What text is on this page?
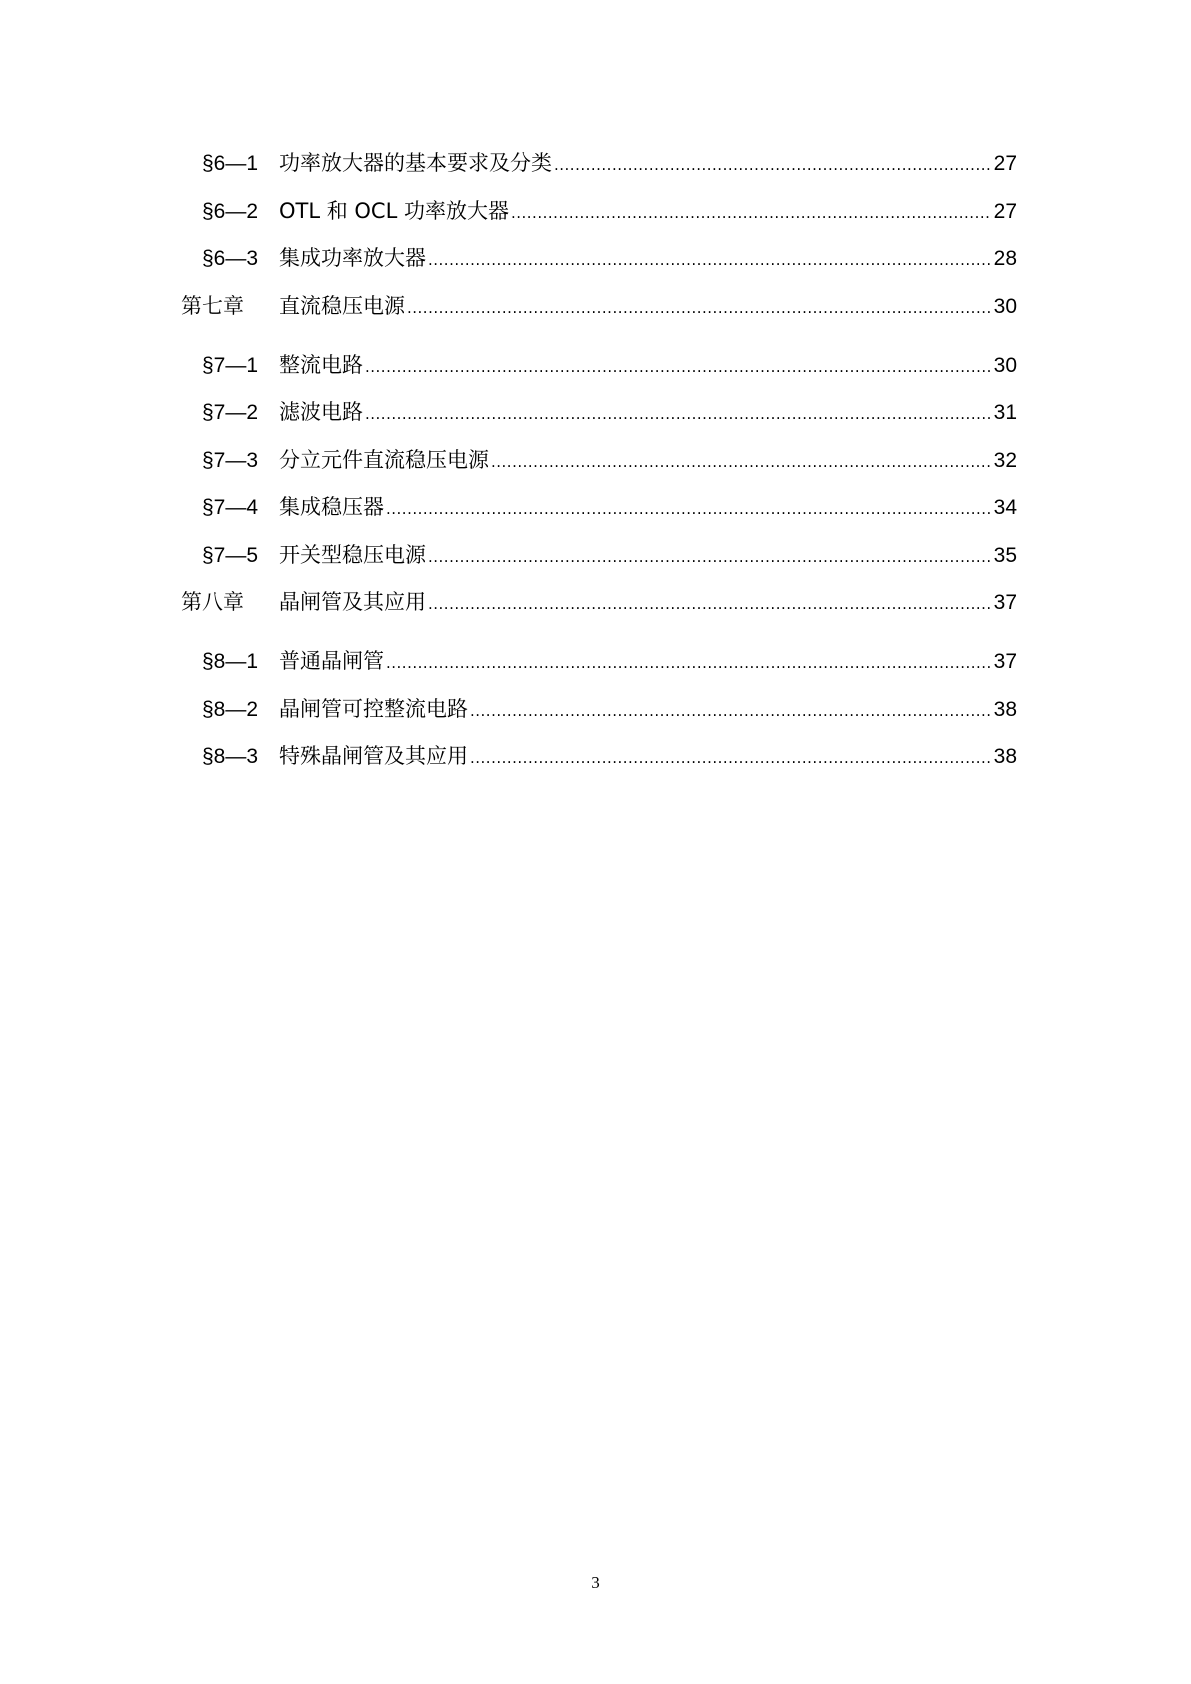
§6—1 功率放大器的基本要求及分类 .....	27
§6—2 OTL 和 OCL 功率放大器 .....	27
§6—3 集成功率放大器 .....	28
第七章	直流稳压电源 .....	30
§7—1 整流电路 .....	30
§7—2 滤波电路 .....	31
§7—3 分立元件直流稳压电源 .....	32
§7—4 集成稳压器 .....	34
§7—5 开关型稳压电源 .....	35
第八章	晶闸管及其应用 .....	37
§8—1 普通晶闸管 .....	37
§8—2 晶闸管可控整流电路 .....	38
§8—3 特殊晶闸管及其应用 .....	38
3
